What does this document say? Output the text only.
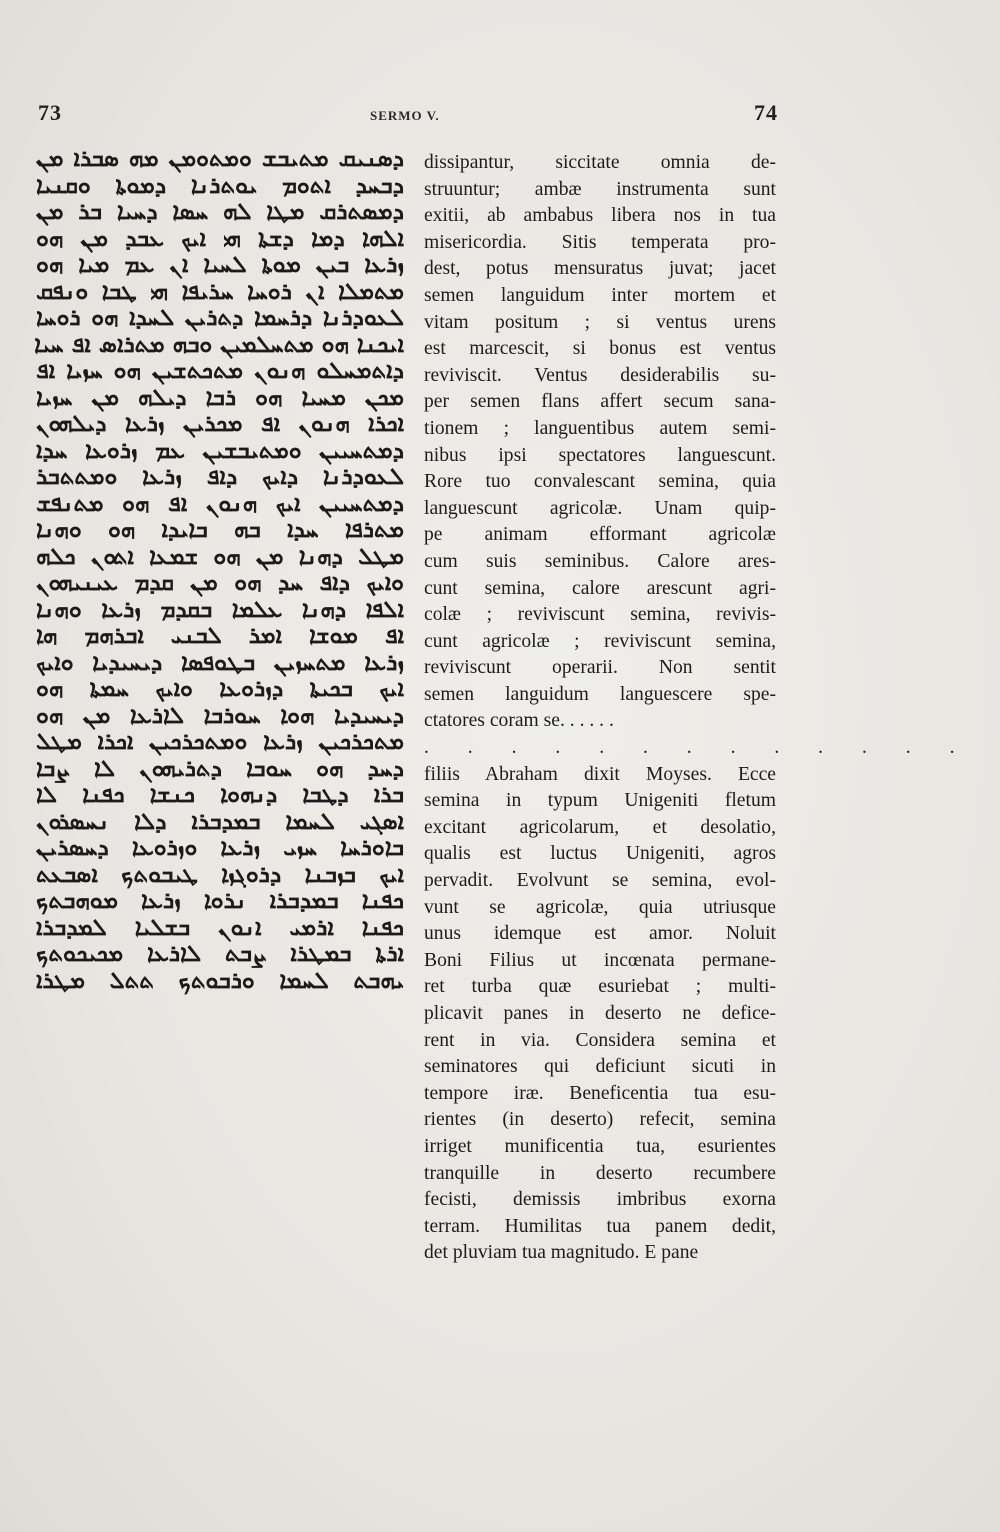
73	SERMO V.	74
ܕܣܢܝܩ ܡܬܝܒܫ ܘܡܬܘܡܢ ܡܗ ܣܒܪܐ ܡܢ
ܕܒܚܕ ܐܬܘܡ ܝܘܬܪܢܐ ܕܡܘܬܐ ܘܩܢܝܐ
ܕܡܣܬܪܩ ܡܛܐ ܠܗ ܚܣܐ ܕܚܝܐ ܒܪ ܡܢ
ܐܠܗܐ ܕܡܐ ܕܫܬܐ ܗܝ ܐܝܟ ܥܒܕ ܡܢ ܗܘ
ܙܪܥܐ ܒܝܢ ܡܘܬܐ ܠܚܝܐ ܐܢ ܥܡ ܡܝܐ ܗܘ
ܡܬܡܠܐ ܐܢ ܪܘܚܐ ܚܪܝܦܐ ܗܝ ܛܒܐ ܘܢܦܩ
ܠܥܘܕܪܢܐ ܕܪܚܡܐ ܕܬܪܝܢ ܠܚܕܐ ܗܘ ܪܘܚܐ
ܐܝܟܢܐ ܗܘ ܡܬܚܠܡܝܢ ܘܒܗ ܡܬܪܐܣ ܐܦ ܚܝܐ
ܕܐܬܡܚܠܘ ܗܢܘܢ ܡܬܟܬܫܝܢ ܗܘ ܚܙܝܐ ܐܦ
ܡܟܢ ܡܚܝܐ ܗܘ ܪܒܐ ܕܝܠܗ ܡܢ ܚܙܝܐ
ܐܟܪܐ ܗܢܘܢ ܐܦ ܡܟܪܝܢ ܙܪܥܐ ܕܝܠܗܘܢ
ܕܡܬܚܝܝܢ ܘܡܬܝܒܫܝܢ ܥܡ ܙܪܘܥܐ ܚܕܐ
ܠܥܘܕܪܢܐ ܕܐܝܟ ܕܐܦ ܙܪܥܐ ܘܡܬܬܒܪ
ܕܡܬܚܝܝܢ ܐܝܟ ܗܢܘܢ ܐܦ ܗܘ ܡܬܢܦܫ
ܡܬܪܦܐ ܚܕܐ ܒܗ ܒܐܝܕܐ ܗܘ ܘܗܢܐ
ܡܛܠ ܕܗܢܐ ܡܢ ܗܘ ܫܡܥܐ ܐܬܘܢ ܟܠܗ
ܘܐܝܟ ܕܐܦ ܚܕ ܗܘ ܡܢ ܩܕܡ ܥܝܢܝܗܘܢ
ܐܠܦܐ ܕܗܢܐ ܥܠܡܐ ܒܩܕܡ ܙܪܥܐ ܘܗܢܐ
ܐܦ ܡܘܫܐ ܐܡܪ ܠܒܢܝ ܐܒܪܗܡ ܗܐ
ܙܪܥܐ ܡܬܚܙܝܢ ܒܛܘܦܣܐ ܕܝܚܝܕܝܐ ܘܐܝܟ
ܐܝܟ ܒܟܝܬܐ ܕܙܪܘܥܐ ܘܐܝܟ ܚܡܬܐ ܗܘ
ܕܝܚܝܕܝܐ ܗܘܐ ܚܘܪܒܐ ܠܐܪܥܐ ܡܢ ܗܘ
ܡܬܟܪܟܝܢ ܙܪܥܐ ܘܡܬܟܪܟܝܢ ܐܟܪܐ ܡܛܠ
ܕܚܕ ܗܘ ܚܘܒܐ ܕܬܪܝܗܘܢ ܠܐ ܨܒܐ
ܒܪܐ ܕܛܒܐ ܕܢܗܘܐ ܟܢܫܐ ܟܦܢܐ ܠܐ
ܐܣܓܝ ܠܚܡܐ ܒܡܕܒܪܐ ܕܠܐ ܢܚܣܪܘܢ
ܒܐܘܪܚܐ ܚܙܝ ܙܪܥܐ ܘܙܪܘܥܐ ܕܚܣܪܝܢ
ܐܝܟ ܒܙܒܢܐ ܕܪܘܓܙܐ ܛܝܒܘܬܟ ܐܣܒܥܬ
ܟܦܢܐ ܒܡܕܒܪܐ ܢܪܘܐ ܙܪܥܐ ܡܘܗܒܬܟ
ܟܦܢܐ ܐܪܡܝ ܐܢܘܢ ܒܫܠܝܐ ܠܡܕܒܪܐ
ܐܪܬܐ ܒܡܛܪܐ ܨܒܬ ܠܐܪܥܐ ܡܟܝܟܘܬܟ
ܝܗܒܬ ܠܚܡܐ ܘܪܒܘܬܟ ܬܬܠ ܡܛܪܐ
dissipantur, siccitate omnia de-
struuntur; ambæ instrumenta sunt
exitii, ab ambabus libera nos in tua
misericordia. Sitis temperata pro-
dest, potus mensuratus juvat; jacet
semen languidum inter mortem et
vitam positum ; si ventus urens
est marcescit, si bonus est ventus
reviviscit. Ventus desiderabilis su-
per semen flans affert secum sana-
tionem ; languentibus autem semi-
nibus ipsi spectatores languescunt.
Rore tuo convalescant semina, quia
languescunt agricolæ. Unam quip-
pe animam efformant agricolæ
cum suis seminibus. Calore ares-
cunt semina, calore arescunt agri-
colæ ; reviviscunt semina, revivis-
cunt agricolæ ; reviviscunt semina,
reviviscunt operarii. Non sentit
semen languidum languescere spe-
ctatores coram se. . . . . .
. . . . . . . . . . . . .
filiis Abraham dixit Moyses. Ecce
semina in typum Unigeniti fletum
excitant agricolarum, et desolatio,
qualis est luctus Unigeniti, agros
pervadit. Evolvunt se semina, evol-
vunt se agricolæ, quia utriusque
unus idemque est amor. Noluit
Boni Filius ut incœnata permane-
ret turba quæ esuriebat ; multi-
plicavit panes in deserto ne defice-
rent in via. Considera semina et
seminatores qui deficiunt sicuti in
tempore iræ. Beneficentia tua esu-
rientes (in deserto) refecit, semina
irriget munificentia tua, esurientes
tranquille in deserto recumbere
fecisti, demissis imbribus exorna
terram. Humilitas tua panem dedit,
det pluviam tua magnitudo. E pane
